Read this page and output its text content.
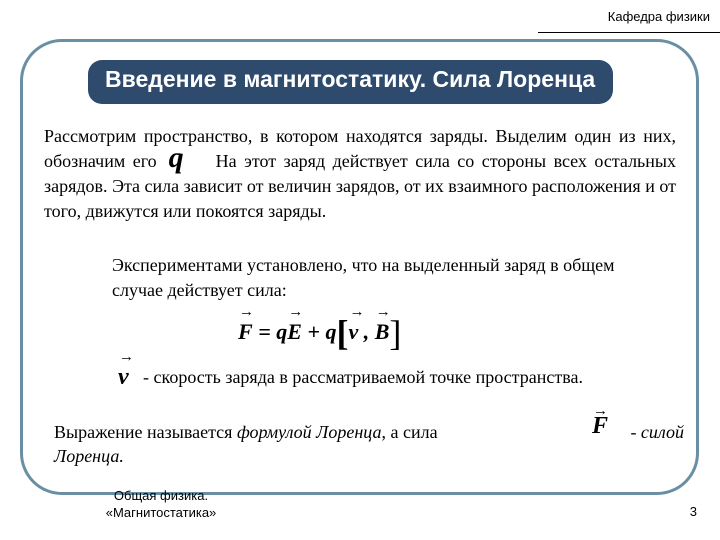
Кафедра физики
Введение в магнитостатику. Сила Лоренца

Рассмотрим пространство, в котором находятся заряды. Выделим один из них, обозначим его q На этот заряд действует сила со стороны всех остальных зарядов. Эта сила зависит от величин зарядов, от их взаимного расположения и от того, движутся или покоятся заряды.

Экспериментами установлено, что на выделенный заряд в общем случае действует сила:

→ F = q→ E + q[→ v , → B]
→ v - скорость заряда в рассматриваемой точке пространства.

Выражение называется формулой Лоренца, а сила
→	F - силой

Лоренца.

Общая физика.
«Магнитостатика»	3
